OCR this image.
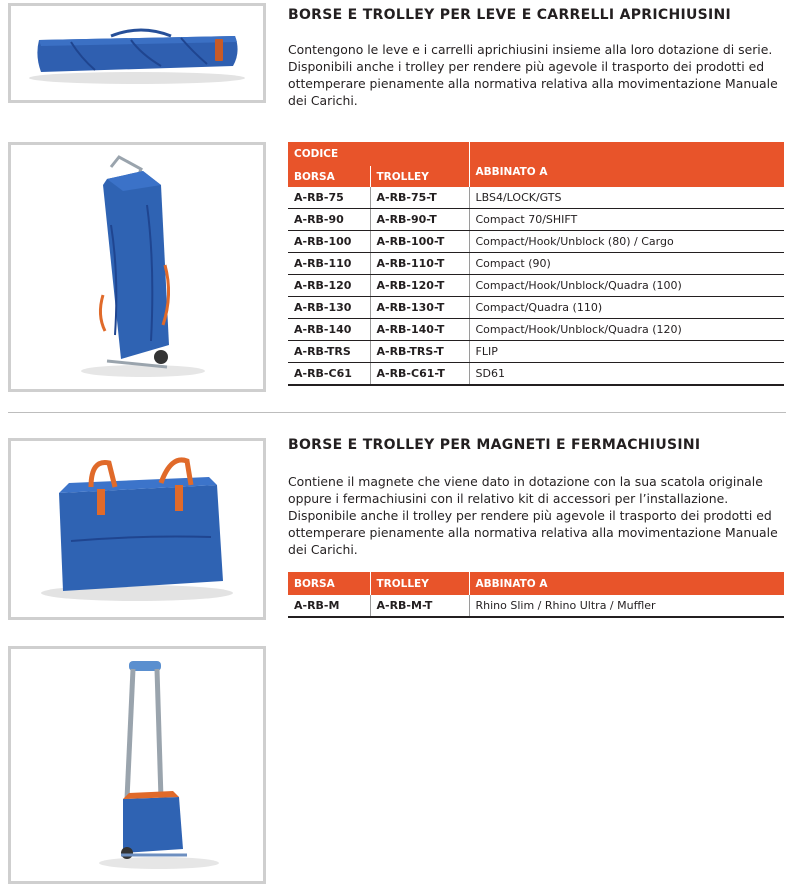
BORSE E TROLLEY PER LEVE E CARRELLI APRICHIUSINI

Contengono le leve e i carrelli aprichiusini insieme alla loro dotazione di serie. Disponibili anche i trolley per rendere più agevole il trasporto dei prodotti ed ottemperare pienamente alla normativa relativa alla movimentazione Manuale dei Carichi.

CODICE		ABBINATO A
BORSA	TROLLEY	
A-RB-75	A-RB-75-T	LBS4/LOCK/GTS
A-RB-90	A-RB-90-T	Compact 70/SHIFT
A-RB-100	A-RB-100-T	Compact/Hook/Unblock (80) / Cargo
A-RB-110	A-RB-110-T	Compact (90)
A-RB-120	A-RB-120-T	Compact/Hook/Unblock/Quadra (100)
A-RB-130	A-RB-130-T	Compact/Quadra (110)
A-RB-140	A-RB-140-T	Compact/Hook/Unblock/Quadra (120)
A-RB-TRS	A-RB-TRS-T	FLIP
A-RB-C61	A-RB-C61-T	SD61
BORSE E TROLLEY PER MAGNETI E FERMACHIUSINI

Contiene il magnete che viene dato in dotazione con la sua scatola originale oppure i fermachiusini con il relativo kit di accessori per l’installazione. Disponibile anche il trolley per rendere più agevole il trasporto dei prodotti ed ottemperare pienamente alla normativa relativa alla movimentazione Manuale dei Carichi.

BORSA	TROLLEY	ABBINATO A
A-RB-M	A-RB-M-T	Rhino Slim / Rhino Ultra / Muffler
